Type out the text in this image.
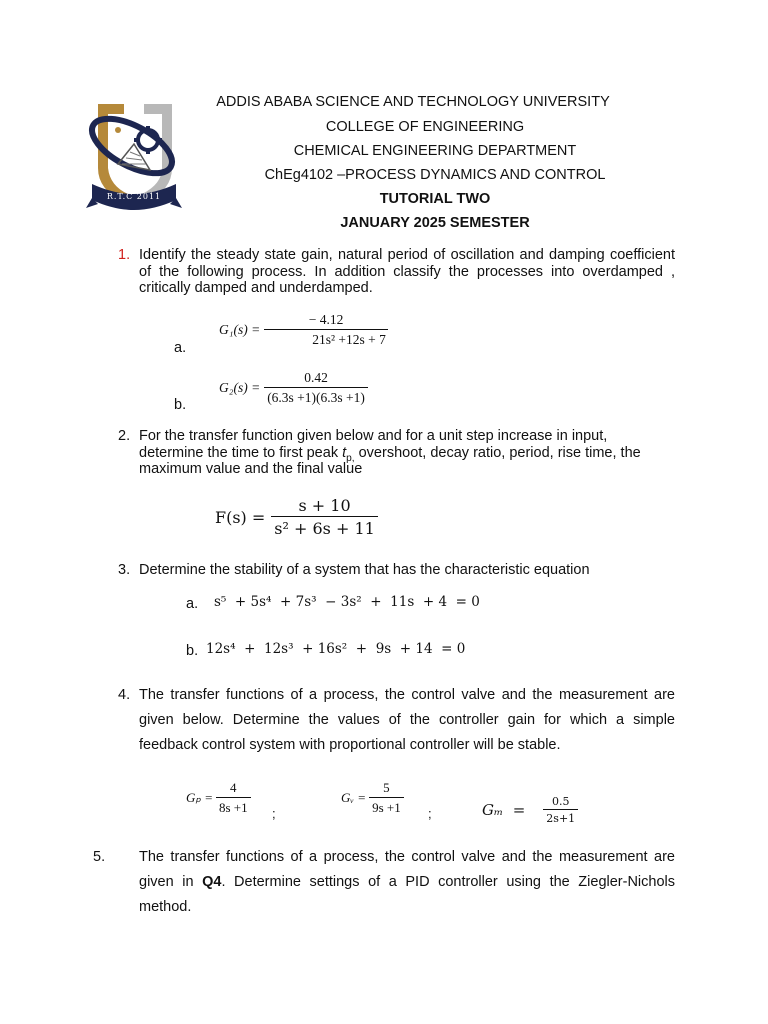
R.T.C 2011
ADDIS ABABA SCIENCE AND TECHNOLOGY UNIVERSITY
COLLEGE OF ENGINEERING
CHEMICAL ENGINEERING DEPARTMENT
ChEg4102 –PROCESS DYNAMICS AND CONTROL
TUTORIAL TWO
JANUARY 2025 SEMESTER
1. Identify the steady state gain, natural period of oscillation and damping coefficient of the following process. In addition classify the processes into overdamped , critically damped and underdamped.
a.
$G_1(s) = \frac{- 4.12}{\text{21s² +12s + 7}}$
b.
$G_2(s) = \frac{0.42}{(6.3s +1)(6.3s +1)}$
2. For the transfer function given below and for a unit step increase in input,
determine the time to first peak $t_{p,}$ overshoot, decay ratio, period, rise time, the
maximum value and the final value
$F(s) = \frac{s + 10}{\text{s² + 6s + 11}}$
3. Determine the stability of a system that has the characteristic equation
a. s⁵  + 5s⁴  + 7s³  − 3s²  +  11s  + 4  = 0
b. 12s⁴  +  12s³  + 16s²  +  9s  + 14  = 0
4. The transfer functions of a process, the control valve and the measurement are given below. Determine the values of the controller gain for which a simple feedback control system with proportional controller will be stable.
$G_p = \frac{4}{8s +1}$ ;
Gᵥ = $\frac{5}{9s +1}$ ;	$G_m = \frac{0.5}{2s+1}$
5. The transfer functions of a process, the control valve and the measurement are given in Q4. Determine settings of a PID controller using the Ziegler-Nichols method.
